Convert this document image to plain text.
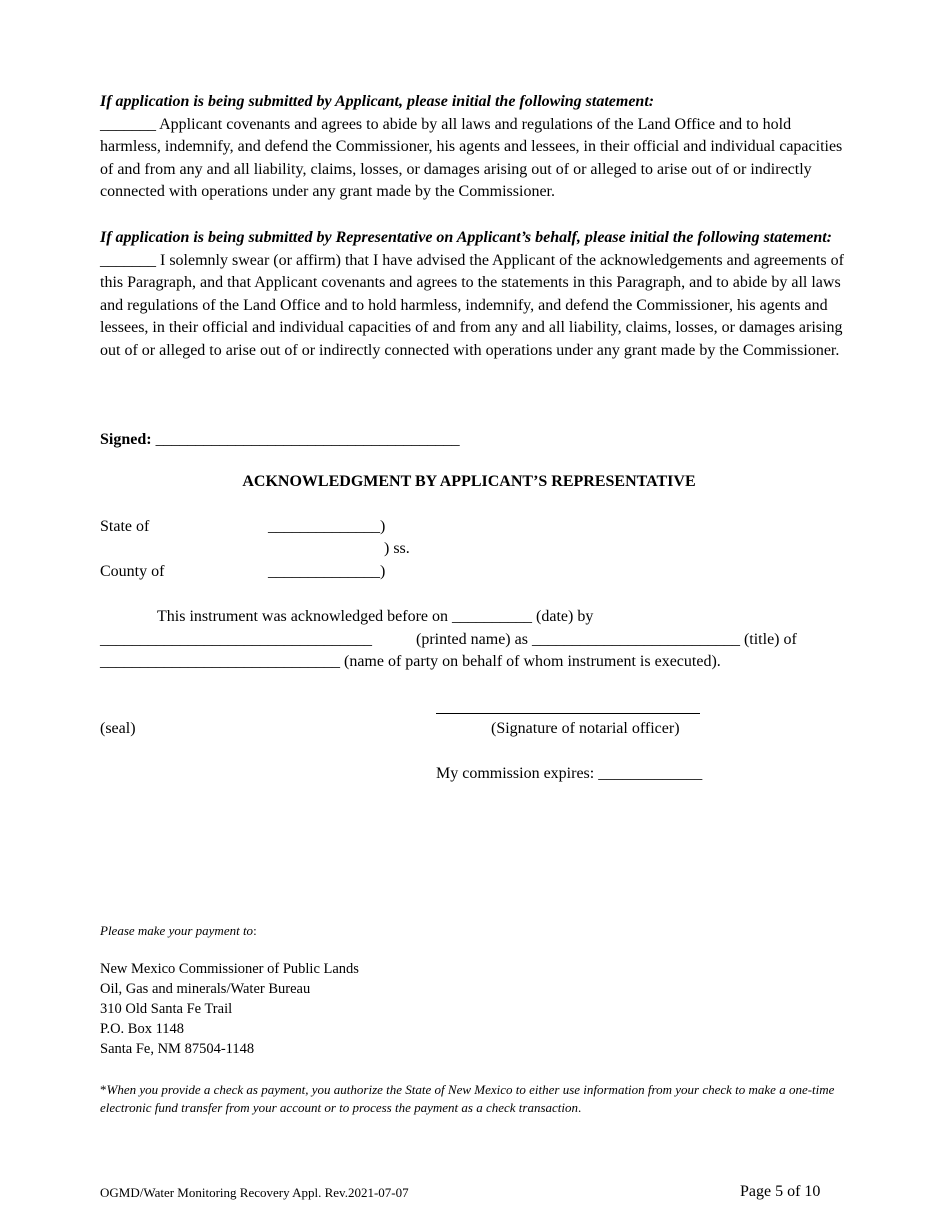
If application is being submitted by Applicant, please initial the following statement:

_______ Applicant covenants and agrees to abide by all laws and regulations of the Land Office and to hold harmless, indemnify, and defend the Commissioner, his agents and lessees, in their official and individual capacities of and from any and all liability, claims, losses, or damages arising out of or alleged to arise out of or indirectly connected with operations under any grant made by the Commissioner.

If application is being submitted by Representative on Applicant’s behalf, please initial the following statement:

_______ I solemnly swear (or affirm) that I have advised the Applicant of the acknowledgements and agreements of this Paragraph, and that Applicant covenants and agrees to the statements in this Paragraph, and to abide by all laws and regulations of the Land Office and to hold harmless, indemnify, and defend the Commissioner, his agents and lessees, in their official and individual capacities of and from any and all liability, claims, losses, or damages arising out of or alleged to arise out of or indirectly connected with operations under any grant made by the Commissioner.

Signed: ______________________________________
ACKNOWLEDGMENT BY APPLICANT’S REPRESENTATIVE
State of	______________)
) ss.
County of	______________)
This instrument was acknowledged before on __________ (date) by
__________________________________	(printed name) as __________________________ (title) of
______________________________ (name of party on behalf of whom instrument is executed).
(seal)	(Signature of notarial officer)
My commission expires: _____________
Please make your payment to:
New Mexico Commissioner of Public Lands
Oil, Gas and minerals/Water Bureau
310 Old Santa Fe Trail
P.O. Box 1148
Santa Fe, NM 87504-1148
*When you provide a check as payment, you authorize the State of New Mexico to either use information from your check to make a one-time electronic fund transfer from your account or to process the payment as a check transaction.
OGMD/Water Monitoring Recovery Appl. Rev.2021-07-07	Page 5 of 10
